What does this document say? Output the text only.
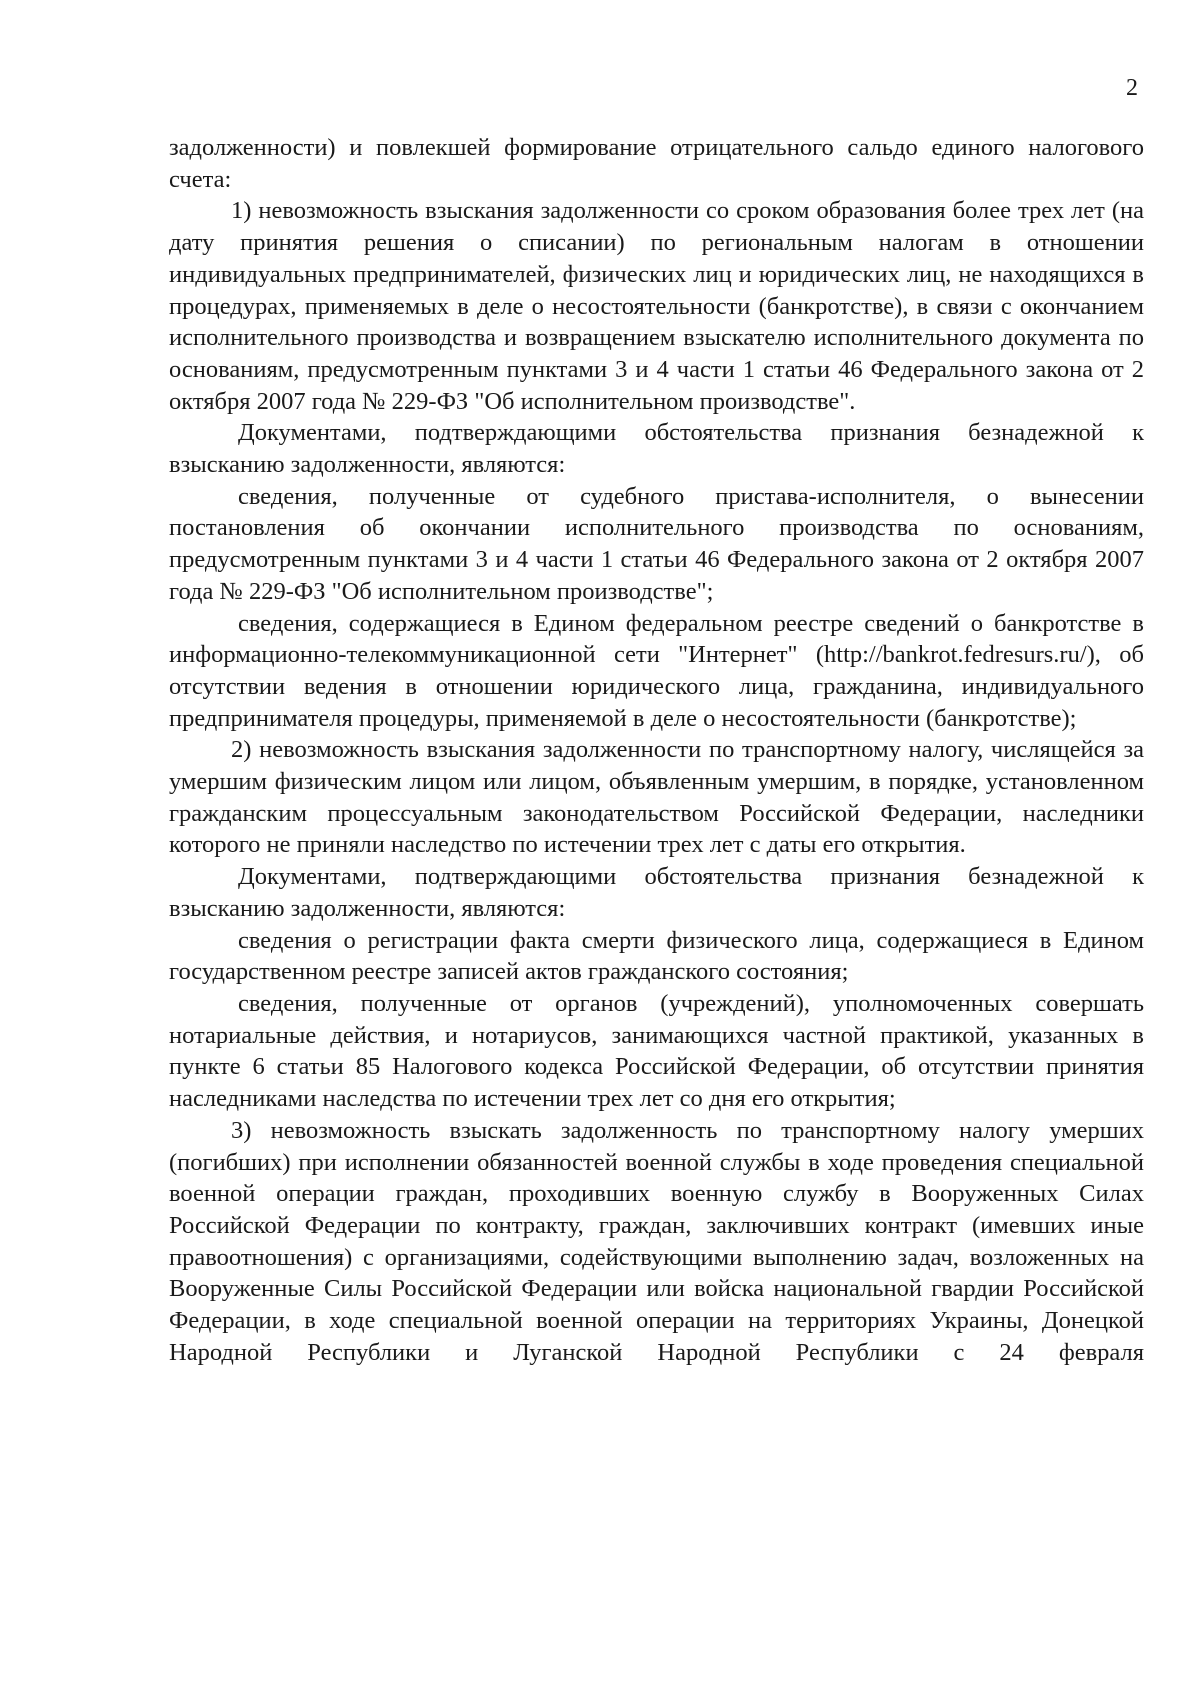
2

задолженности) и повлекшей формирование отрицательного сальдо единого налогового счета:

1) невозможность взыскания задолженности со сроком образования более трех лет (на дату принятия решения о списании) по региональным налогам в отношении индивидуальных предпринимателей, физических лиц и юридических лиц, не находящихся в процедурах, применяемых в деле о несостоятельности (банкротстве), в связи с окончанием исполнительного производства и возвращением взыскателю исполнительного документа по основаниям, предусмотренным пунктами 3 и 4 части 1 статьи 46 Федерального закона от 2 октября 2007 года № 229-ФЗ "Об исполнительном производстве".

Документами, подтверждающими обстоятельства признания безнадежной к взысканию задолженности, являются:

сведения, полученные от судебного пристава-исполнителя, о вынесении постановления об окончании исполнительного производства по основаниям, предусмотренным пунктами 3 и 4 части 1 статьи 46 Федерального закона от 2 октября 2007 года № 229-ФЗ "Об исполнительном производстве";

сведения, содержащиеся в Едином федеральном реестре сведений о банкротстве в информационно-телекоммуникационной сети "Интернет" (http://bankrot.fedresurs.ru/), об отсутствии ведения в отношении юридического лица, гражданина, индивидуального предпринимателя процедуры, применяемой в деле о несостоятельности (банкротстве);

2) невозможность взыскания задолженности по транспортному налогу, числящейся за умершим физическим лицом или лицом, объявленным умершим, в порядке, установленном гражданским процессуальным законодательством Российской Федерации, наследники которого не приняли наследство по истечении трех лет с даты его открытия.

Документами, подтверждающими обстоятельства признания безнадежной к взысканию задолженности, являются:

сведения о регистрации факта смерти физического лица, содержащиеся в Едином государственном реестре записей актов гражданского состояния;

сведения, полученные от органов (учреждений), уполномоченных совершать нотариальные действия, и нотариусов, занимающихся частной практикой, указанных в пункте 6 статьи 85 Налогового кодекса Российской Федерации, об отсутствии принятия наследниками наследства по истечении трех лет со дня его открытия;

3) невозможность взыскать задолженность по транспортному налогу умерших (погибших) при исполнении обязанностей военной службы в ходе проведения специальной военной операции граждан, проходивших военную службу в Вооруженных Силах Российской Федерации по контракту, граждан, заключивших контракт (имевших иные правоотношения) с организациями, содействующими выполнению задач, возложенных на Вооруженные Силы Российской Федерации или войска национальной гвардии Российской Федерации, в ходе специальной военной операции на территориях Украины, Донецкой Народной Республики и Луганской Народной Республики с 24 февраля
